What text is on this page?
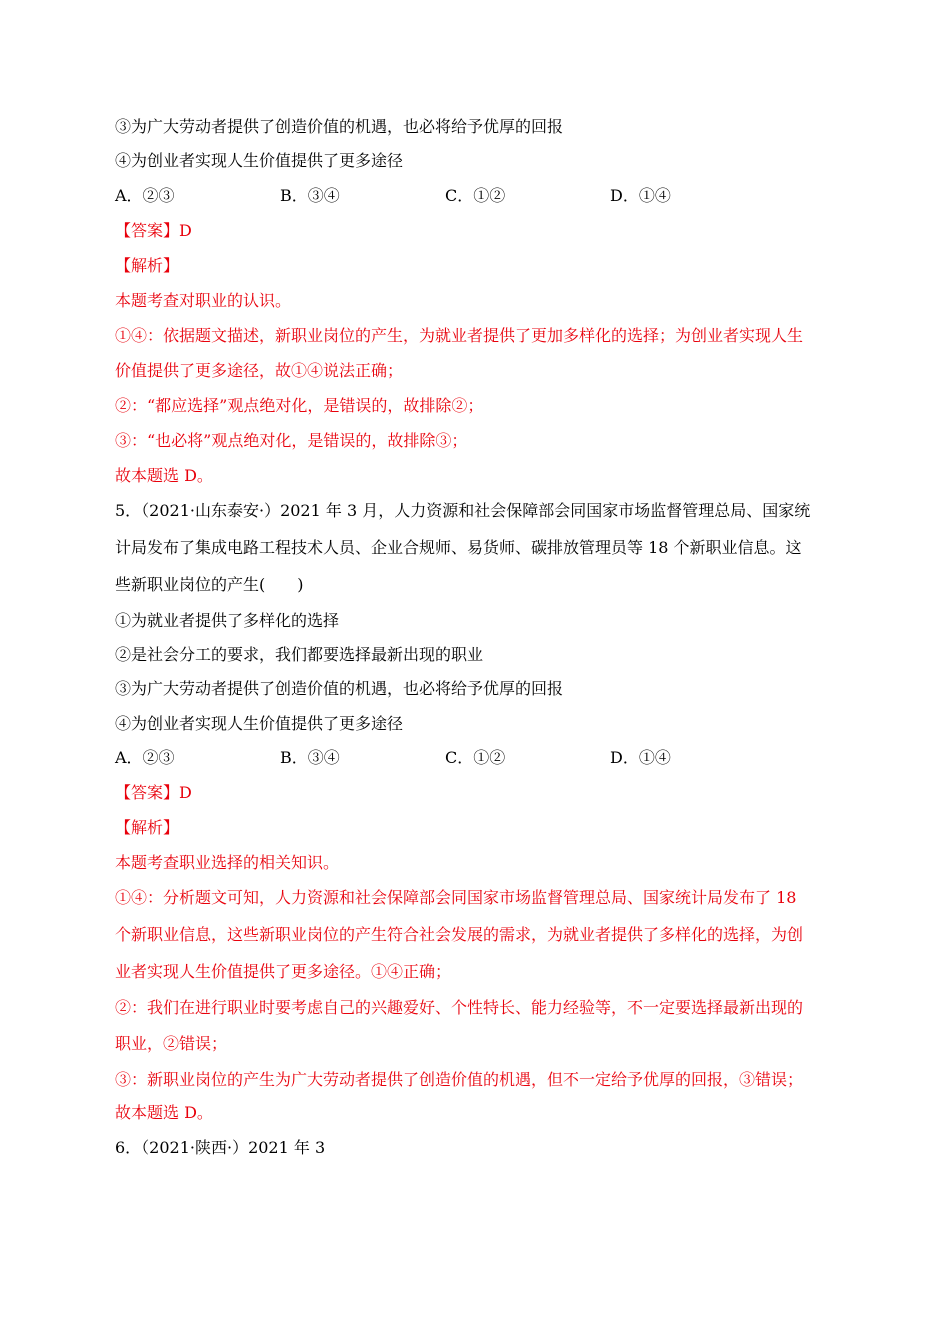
③为广大劳动者提供了创造价值的机遇，也必将给予优厚的回报
④为创业者实现人生价值提供了更多途径
A．②③	B．③④	C．①②	D．①④
【答案】D
【解析】
本题考查对职业的认识。
①④：依据题文描述，新职业岗位的产生，为就业者提供了更加多样化的选择；为创业者实现人生
价值提供了更多途径，故①④说法正确；
②：“都应选择”观点绝对化，是错误的，故排除②；
③：“也必将”观点绝对化，是错误的，故排除③；
故本题选 D。
5．（2021·山东泰安·）2021 年 3 月，人力资源和社会保障部会同国家市场监督管理总局、国家统
计局发布了集成电路工程技术人员、企业合规师、易货师、碳排放管理员等 18 个新职业信息。这
些新职业岗位的产生(　　)
①为就业者提供了多样化的选择
②是社会分工的要求，我们都要选择最新出现的职业
③为广大劳动者提供了创造价值的机遇，也必将给予优厚的回报
④为创业者实现人生价值提供了更多途径
A．②③	B．③④	C．①②	D．①④
【答案】D
【解析】
本题考查职业选择的相关知识。
①④：分析题文可知，人力资源和社会保障部会同国家市场监督管理总局、国家统计局发布了 18
个新职业信息，这些新职业岗位的产生符合社会发展的需求，为就业者提供了多样化的选择，为创
业者实现人生价值提供了更多途径。①④正确；
②：我们在进行职业时要考虑自己的兴趣爱好、个性特长、能力经验等，不一定要选择最新出现的
职业，②错误；
③：新职业岗位的产生为广大劳动者提供了创造价值的机遇，但不一定给予优厚的回报，③错误；
故本题选 D。
6．（2021·陕西·）2021 年 3
